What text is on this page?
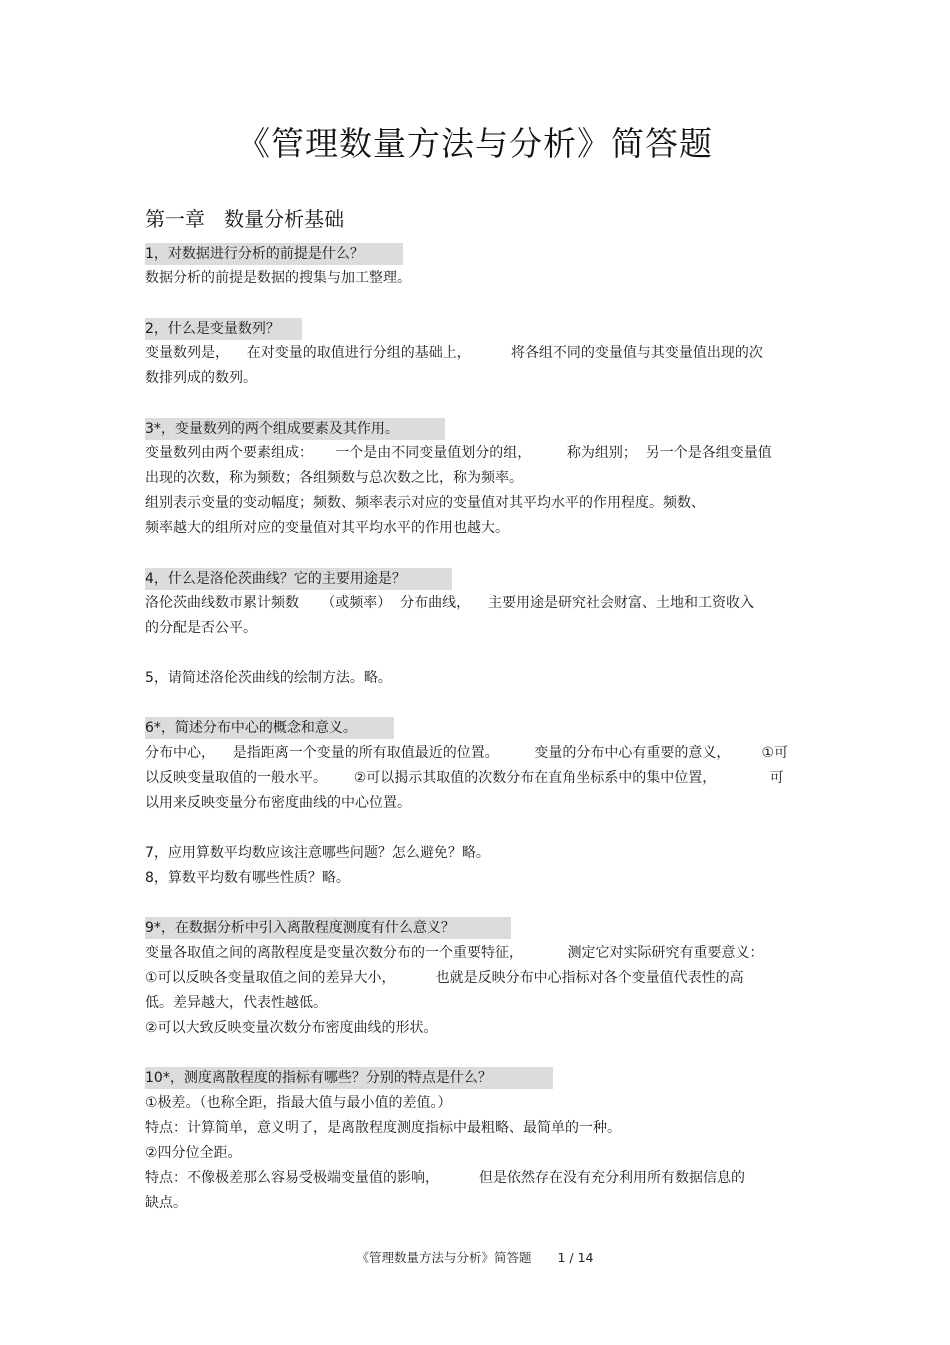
《管理数量方法与分析》简答题
第一章   数量分析基础
1，对数据进行分析的前提是什么？
数据分析的前提是数据的搜集与加工整理。
2，什么是变量数列？
变量数列是，    在对变量的取值进行分组的基础上，         将各组不同的变量值与其变量值出现的次
数排列成的数列。
3*，变量数列的两个组成要素及其作用。
变量数列由两个要素组成：     一个是由不同变量值划分的组，        称为组别；  另一个是各组变量值
出现的次数，称为频数；各组频数与总次数之比，称为频率。
组别表示变量的变动幅度；频数、频率表示对应的变量值对其平均水平的作用程度。频数、
频率越大的组所对应的变量值对其平均水平的作用也越大。
4，什么是洛伦茨曲线？它的主要用途是？
洛伦茨曲线数市累计频数     （或频率）  分布曲线，    主要用途是研究社会财富、土地和工资收入
的分配是否公平。
5，请简述洛伦茨曲线的绘制方法。略。
6*，简述分布中心的概念和意义。
分布中心，    是指距离一个变量的所有取值最近的位置。        变量的分布中心有重要的意义，       ①可
以反映变量取值的一般水平。      ②可以揭示其取值的次数分布在直角坐标系中的集中位置，            可
以用来反映变量分布密度曲线的中心位置。
7，应用算数平均数应该注意哪些问题？怎么避免？略。
8，算数平均数有哪些性质？略。
9*，在数据分析中引入离散程度测度有什么意义？
变量各取值之间的离散程度是变量次数分布的一个重要特征，          测定它对实际研究有重要意义：
①可以反映各变量取值之间的差异大小，         也就是反映分布中心指标对各个变量值代表性的高
低。差异越大，代表性越低。
②可以大致反映变量次数分布密度曲线的形状。
10*，测度离散程度的指标有哪些？分别的特点是什么？
①极差。（也称全距，指最大值与最小值的差值。）
特点：计算简单，意义明了，是离散程度测度指标中最粗略、最简单的一种。
②四分位全距。
特点：不像极差那么容易受极端变量值的影响，         但是依然存在没有充分利用所有数据信息的
缺点。
《管理数量方法与分析》简答题 1 / 14
